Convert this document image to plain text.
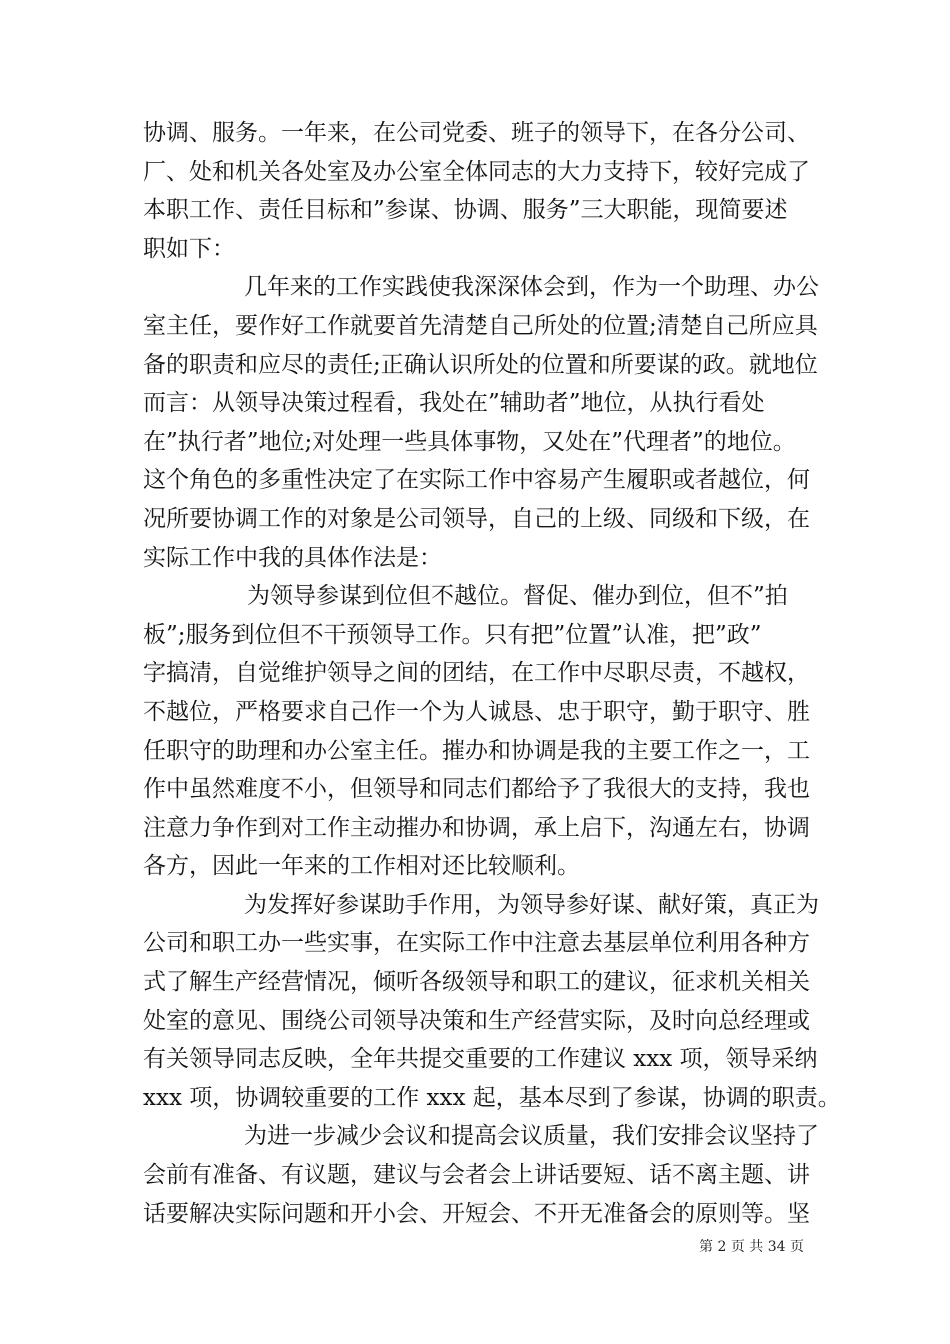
协调、服务。一年来，在公司党委、班子的领导下，在各分公司、
厂、处和机关各处室及办公室全体同志的大力支持下，较好完成了
本职工作、责任目标和”参谋、协调、服务”三大职能，现简要述
职如下：
几年来的工作实践使我深深体会到，作为一个助理、办公
室主任，要作好工作就要首先清楚自己所处的位置;清楚自己所应具
备的职责和应尽的责任;正确认识所处的位置和所要谋的政。就地位
而言：从领导决策过程看，我处在”辅助者”地位，从执行看处
在”执行者”地位;对处理一些具体事物，又处在”代理者”的地位。
这个角色的多重性决定了在实际工作中容易产生履职或者越位，何
况所要协调工作的对象是公司领导，自己的上级、同级和下级，在
实际工作中我的具体作法是：
为领导参谋到位但不越位。督促、催办到位，但不”拍
板”;服务到位但不干预领导工作。只有把”位置”认准，把”政”
字搞清，自觉维护领导之间的团结，在工作中尽职尽责，不越权，
不越位，严格要求自己作一个为人诚恳、忠于职守，勤于职守、胜
任职守的助理和办公室主任。摧办和协调是我的主要工作之一，工
作中虽然难度不小，但领导和同志们都给予了我很大的支持，我也
注意力争作到对工作主动摧办和协调，承上启下，沟通左右，协调
各方，因此一年来的工作相对还比较顺利。
为发挥好参谋助手作用，为领导参好谋、献好策，真正为
公司和职工办一些实事，在实际工作中注意去基层单位利用各种方
式了解生产经营情况，倾听各级领导和职工的建议，征求机关相关
处室的意见、围绕公司领导决策和生产经营实际，及时向总经理或
有关领导同志反映，全年共提交重要的工作建议 xxx 项，领导采纳
xxx 项，协调较重要的工作 xxx 起，基本尽到了参谋，协调的职责。
为进一步减少会议和提高会议质量，我们安排会议坚持了
会前有准备、有议题，建议与会者会上讲话要短、话不离主题、讲
话要解决实际问题和开小会、开短会、不开无准备会的原则等。坚
第 2 页 共 34 页
